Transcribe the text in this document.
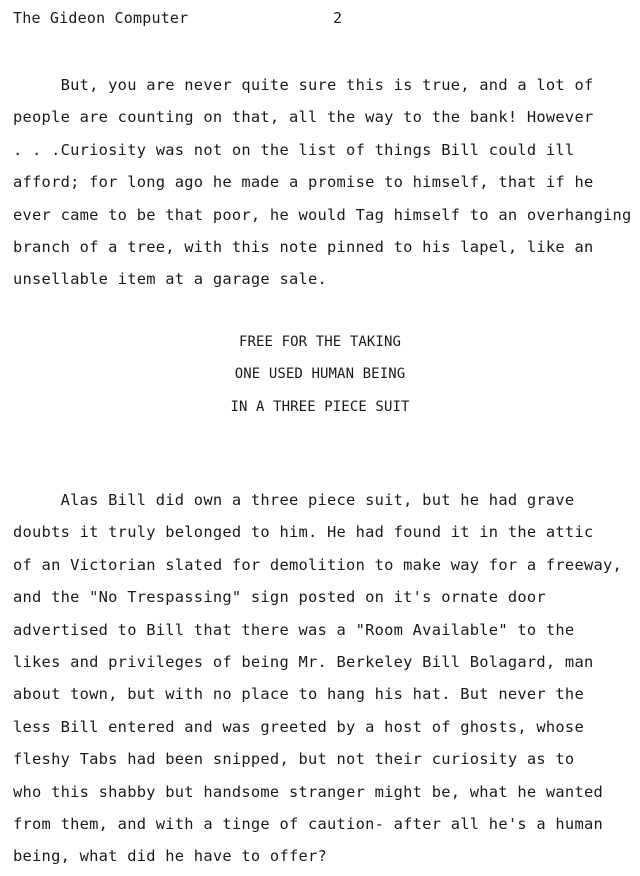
The Gideon Computer	2
But, you are never quite sure this is true, and a lot of
people are counting on that, all the way to the bank! However
. . .Curiosity was not on the list of things Bill could ill
afford; for long ago he made a promise to himself, that if he
ever came to be that poor, he would Tag himself to an overhanging
branch of a tree, with this note pinned to his lapel, like an
unsellable item at a garage sale.
FREE FOR THE TAKING
ONE USED HUMAN BEING
IN A THREE PIECE SUIT
Alas Bill did own a three piece suit, but he had grave
doubts it truly belonged to him. He had found it in the attic
of an Victorian slated for demolition to make way for a freeway,
and the "No Trespassing" sign posted on it's ornate door
advertised to Bill that there was a "Room Available" to the
likes and privileges of being Mr. Berkeley Bill Bolagard, man
about town, but with no place to hang his hat. But never the
less Bill entered and was greeted by a host of ghosts, whose
fleshy Tabs had been snipped, but not their curiosity as to
who this shabby but handsome stranger might be, what he wanted
from them, and with a tinge of caution- after all he's a human
being, what did he have to offer?
